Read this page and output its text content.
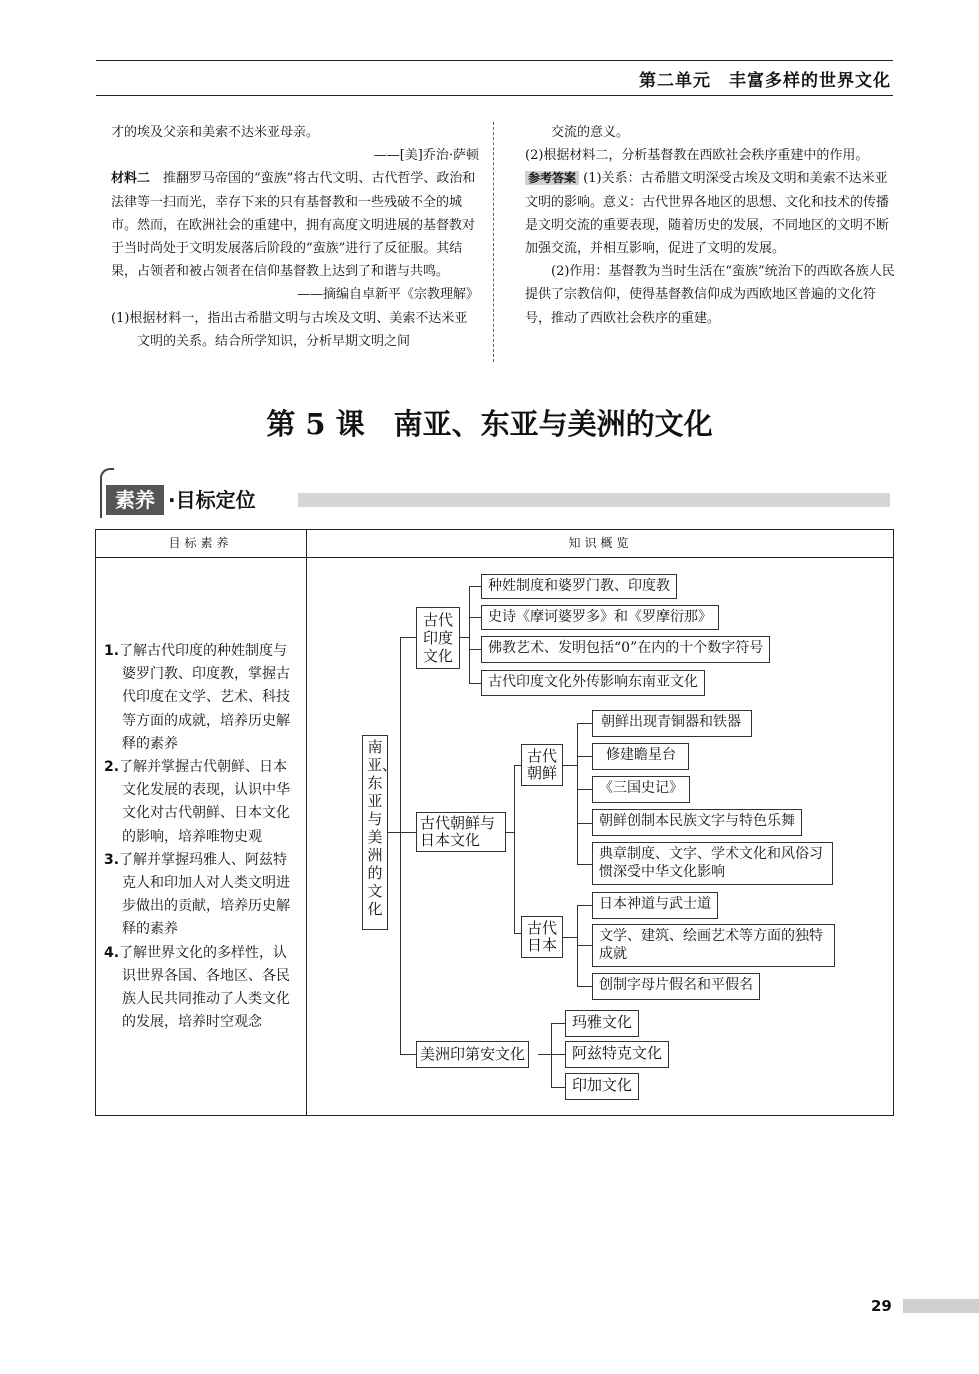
第二单元　丰富多样的世界文化

才的埃及父亲和美索不达米亚母亲。

——[美]乔治·萨顿

材料二　 推翻罗马帝国的“蛮族”将古代文明、古代哲学、政治和法律等一扫而光，幸存下来的只有基督教和一些残破不全的城市。然而，在欧洲社会的重建中，拥有高度文明进展的基督教对于当时尚处于文明发展落后阶段的“蛮族”进行了反征服。其结果，占领者和被占领者在信仰基督教上达到了和谐与共鸣。

——摘编自卓新平《宗教理解》

(1)根据材料一，指出古希腊文明与古埃及文明、美索不达米亚文明的关系。结合所学知识，分析早期文明之间

交流的意义。

(2)根据材料二，分析基督教在西欧社会秩序重建中的作用。

参考答案 (1)关系：古希腊文明深受古埃及文明和美索不达米亚文明的影响。意义：古代世界各地区的思想、文化和技术的传播是文明交流的重要表现，随着历史的发展，不同地区的文明不断加强交流，并相互影响，促进了文明的发展。

(2)作用：基督教为当时生活在“蛮族”统治下的西欧各族人民提供了宗教信仰，使得基督教信仰成为西欧地区普遍的文化符号，推动了西欧社会秩序的重建。

第 5 课　南亚、东亚与美洲的文化
素养 ·目标定位
目标素养	知识概览

1.了解古代印度的种姓制度与婆罗门教、印度教，掌握古代印度在文学、艺术、科技等方面的成就，培养历史解释的素养

2.了解并掌握古代朝鲜、日本文化发展的表现，认识中华文化对古代朝鲜、日本文化的影响，培养唯物史观

3.了解并掌握玛雅人、阿兹特克人和印加人对人类文明进步做出的贡献，培养历史解释的素养

4.了解世界文化的多样性，认识世界各国、各地区、各民族人民共同推动了人类文化的发展，培养时空观念

南亚、东亚与美洲的文化
古代印度文化
种姓制度和婆罗门教、印度教
史诗《摩诃婆罗多》和《罗摩衍那》
佛教艺术、发明包括“0”在内的十个数字符号
古代印度文化外传影响东南亚文化
古代朝鲜与日本文化
古代朝鲜
朝鲜出现青铜器和铁器
修建瞻星台
《三国史记》
朝鲜创制本民族文字与特色乐舞
典章制度、文字、学术文化和风俗习惯深受中华文化影响
古代日本
日本神道与武士道
文学、建筑、绘画艺术等方面的独特成就
创制字母片假名和平假名
美洲印第安文化
玛雅文化
阿兹特克文化
印加文化
29
